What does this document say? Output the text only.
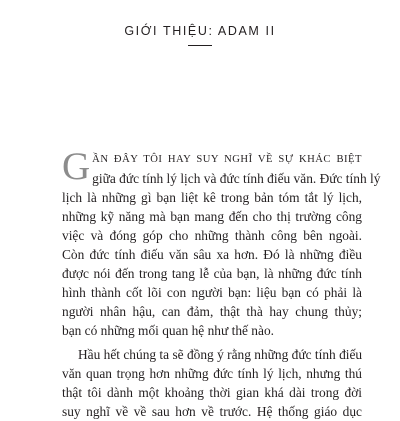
GIỚI THIỆU: ADAM II
G ẦN ĐÂY TÔI HAY SUY NGHĨ VỀ SỰ KHÁC BIỆT
giữa đức tính lý lịch và đức tính điếu văn. Đức tính lý
lịch là những gì bạn liệt kê trong bản tóm tắt lý lịch,
những kỹ năng mà bạn mang đến cho thị trường công
việc và đóng góp cho những thành công bên ngoài.
Còn đức tính điếu văn sâu xa hơn. Đó là những điều
được nói đến trong tang lễ của bạn, là những đức tính
hình thành cốt lõi con người bạn: liệu bạn có phải là
người nhân hậu, can đảm, thật thà hay chung thủy;
bạn có những mối quan hệ như thế nào.
Hầu hết chúng ta sẽ đồng ý rằng những đức tính điếu
văn quan trọng hơn những đức tính lý lịch, nhưng thú
thật tôi dành một khoảng thời gian khá dài trong đời
suy nghĩ về về sau hơn về trước. Hệ thống giáo dục
